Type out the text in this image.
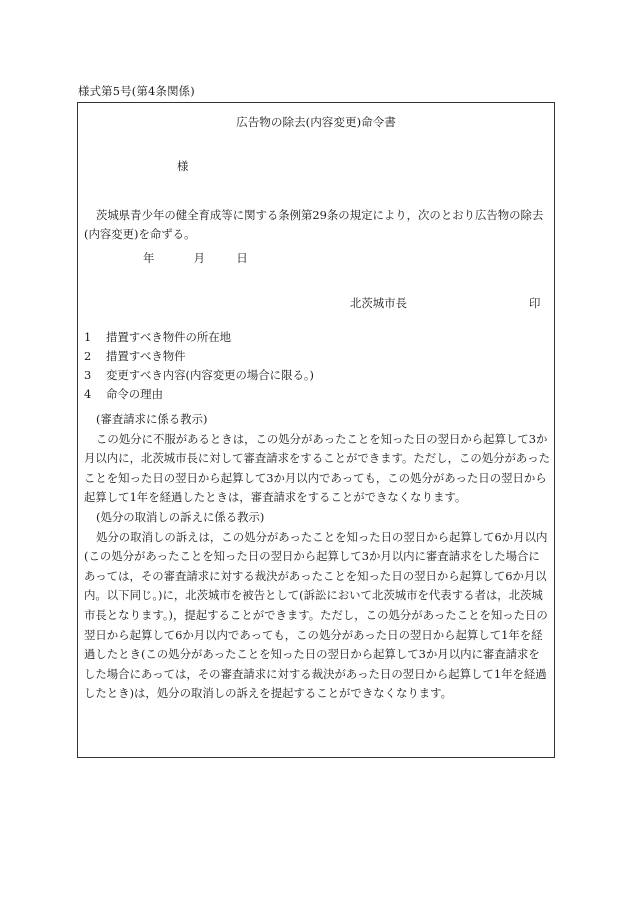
様式第5号(第4条関係)
広告物の除去(内容変更)命令書
様
茨城県青少年の健全育成等に関する条例第29条の規定により，次のとおり広告物の除去(内容変更)を命ずる。
年	月	日
北茨城市長	印
1 措置すべき物件の所在地
2 措置すべき物件
3 変更すべき内容(内容変更の場合に限る。)
4 命令の理由
(審査請求に係る教示)
この処分に不服があるときは，この処分があったことを知った日の翌日から起算して3か月以内に，北茨城市長に対して審査請求をすることができます。ただし，この処分があったことを知った日の翌日から起算して3か月以内であっても，この処分があった日の翌日から起算して1年を経過したときは，審査請求をすることができなくなります。
(処分の取消しの訴えに係る教示)
処分の取消しの訴えは，この処分があったことを知った日の翌日から起算して6か月以内(この処分があったことを知った日の翌日から起算して3か月以内に審査請求をした場合にあっては，その審査請求に対する裁決があったことを知った日の翌日から起算して6か月以内。以下同じ。)に，北茨城市を被告として(訴訟において北茨城市を代表する者は，北茨城市長となります。)，提起することができます。ただし，この処分があったことを知った日の翌日から起算して6か月以内であっても，この処分があった日の翌日から起算して1年を経過したとき(この処分があったことを知った日の翌日から起算して3か月以内に審査請求をした場合にあっては，その審査請求に対する裁決があった日の翌日から起算して1年を経過したとき)は，処分の取消しの訴えを提起することができなくなります。
